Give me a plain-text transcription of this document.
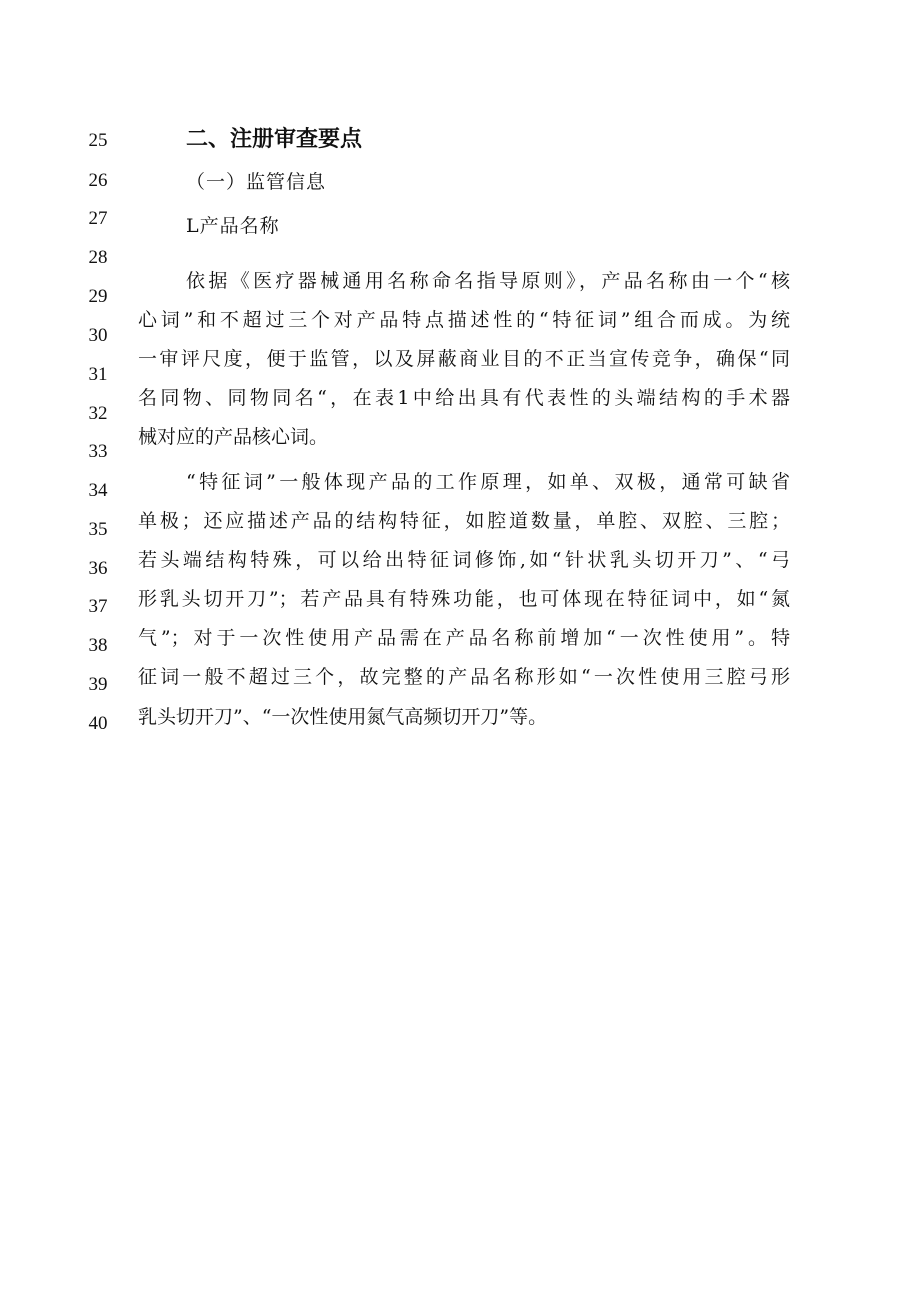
25
26
27
28
29
30
31
32
33
34
35
36
37
38
39
40
二、注册审查要点
（一）监管信息
L产品名称
依据《医疗器械通用名称命名指导原则》，产品名称由一个“核
心词”和不超过三个对产品特点描述性的“特征词”组合而成。为统
一审评尺度，便于监管，以及屏蔽商业目的不正当宣传竞争，确保“同
名同物、同物同名“，在表1中给出具有代表性的头端结构的手术器
械对应的产品核心词。
“特征词”一般体现产品的工作原理，如单、双极，通常可缺省
单极；还应描述产品的结构特征，如腔道数量，单腔、双腔、三腔；
若头端结构特殊，可以给出特征词修饰,如“针状乳头切开刀”、“弓
形乳头切开刀”；若产品具有特殊功能，也可体现在特征词中，如“氮
气”；对于一次性使用产品需在产品名称前增加“一次性使用”。特
征词一般不超过三个，故完整的产品名称形如“一次性使用三腔弓形
乳头切开刀”、“一次性使用氮气高频切开刀”等。
